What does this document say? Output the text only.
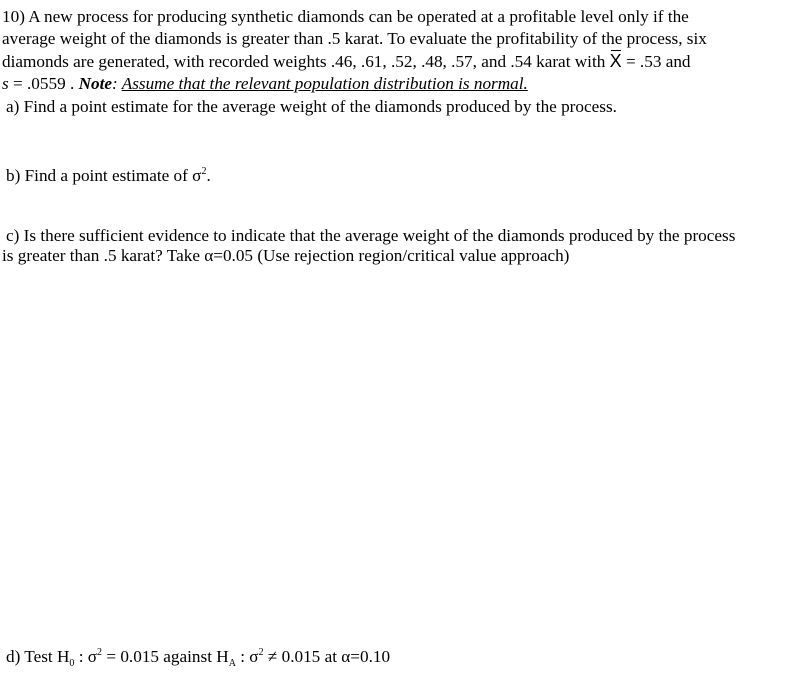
10) A new process for producing synthetic diamonds can be operated at a profitable level only if the
average weight of the diamonds is greater than .5 karat. To evaluate the profitability of the process, six
diamonds are generated, with recorded weights .46, .61, .52, .48, .57, and .54 karat with X = .53 and
s = .0559 . Note: Assume that the relevant population distribution is normal.
a) Find a point estimate for the average weight of the diamonds produced by the process.
b) Find a point estimate of $\sigma^2$.
c) Is there sufficient evidence to indicate that the average weight of the diamonds produced by the process
is greater than .5 karat? Take α=0.05 (Use rejection region/critical value approach)
d) Test $H_0$ : $\sigma^2 = 0.015$ against $H_A$ : $\sigma^2 \ne 0.015$ at α=0.10
